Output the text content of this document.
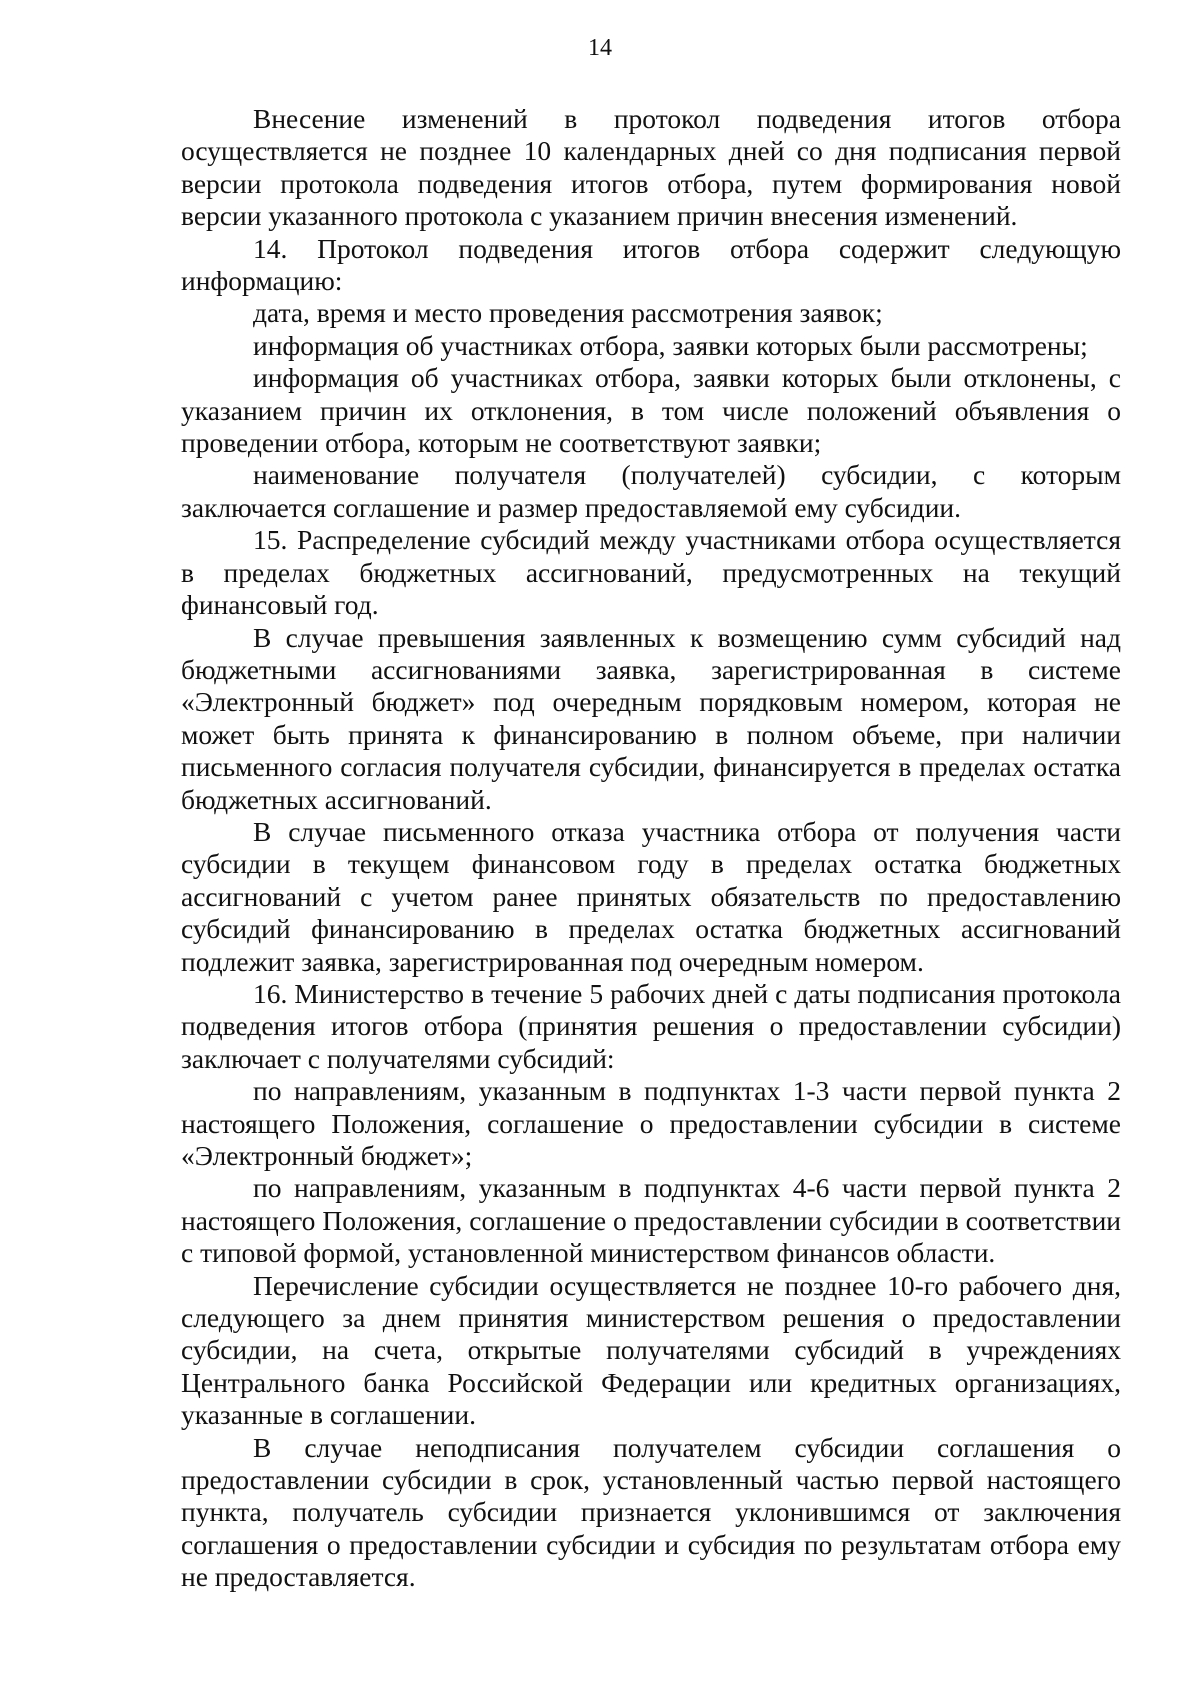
14

Внесение изменений в протокол подведения итогов отбора осуществляется не позднее 10 календарных дней со дня подписания первой версии протокола подведения итогов отбора, путем формирования новой версии указанного протокола с указанием причин внесения изменений.

14. Протокол подведения итогов отбора содержит следующую информацию:

дата, время и место проведения рассмотрения заявок;

информация об участниках отбора, заявки которых были рассмотрены;

информация об участниках отбора, заявки которых были отклонены, с указанием причин их отклонения, в том числе положений объявления о проведении отбора, которым не соответствуют заявки;

наименование получателя (получателей) субсидии, с которым заключается соглашение и размер предоставляемой ему субсидии.

15. Распределение субсидий между участниками отбора осуществляется в пределах бюджетных ассигнований, предусмотренных на текущий финансовый год.

В случае превышения заявленных к возмещению сумм субсидий над бюджетными ассигнованиями заявка, зарегистрированная в системе «Электронный бюджет» под очередным порядковым номером, которая не может быть принята к финансированию в полном объеме, при наличии письменного согласия получателя субсидии, финансируется в пределах остатка бюджетных ассигнований.

В случае письменного отказа участника отбора от получения части субсидии в текущем финансовом году в пределах остатка бюджетных ассигнований с учетом ранее принятых обязательств по предоставлению субсидий финансированию в пределах остатка бюджетных ассигнований подлежит заявка, зарегистрированная под очередным номером.

16. Министерство в течение 5 рабочих дней с даты подписания протокола подведения итогов отбора (принятия решения о предоставлении субсидии) заключает с получателями субсидий:

по направлениям, указанным в подпунктах 1-3 части первой пункта 2 настоящего Положения, соглашение о предоставлении субсидии в системе «Электронный бюджет»;

по направлениям, указанным в подпунктах 4-6 части первой пункта 2 настоящего Положения, соглашение о предоставлении субсидии в соответствии с типовой формой, установленной министерством финансов области.

Перечисление субсидии осуществляется не позднее 10-го рабочего дня, следующего за днем принятия министерством решения о предоставлении субсидии, на счета, открытые получателями субсидий в учреждениях Центрального банка Российской Федерации или кредитных организациях, указанные в соглашении.

В случае неподписания получателем субсидии соглашения о предоставлении субсидии в срок, установленный частью первой настоящего пункта, получатель субсидии признается уклонившимся от заключения соглашения о предоставлении субсидии и субсидия по результатам отбора ему не предоставляется.
